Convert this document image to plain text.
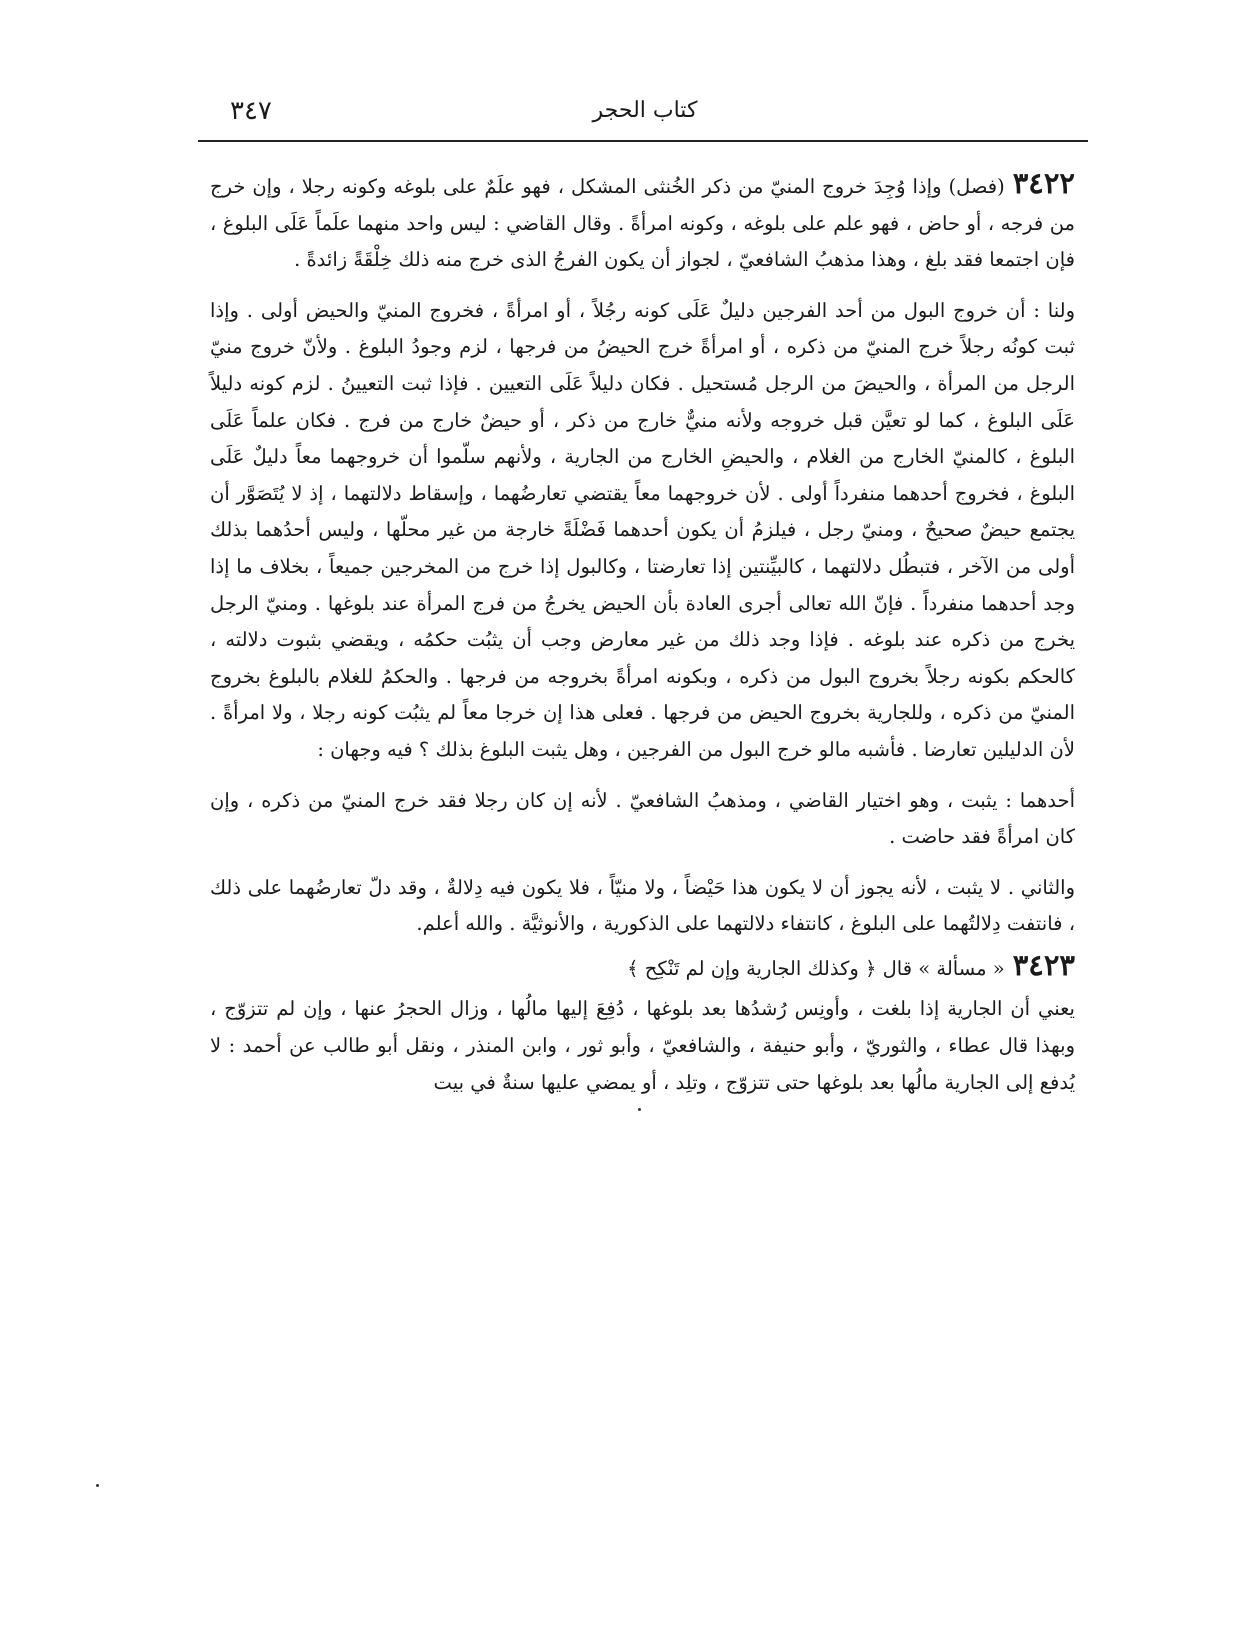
كتاب الحجر
٣٤٧

٣٤٢٢(فصل) وإذا وُجِدَ خروج المنيّ من ذكر الخُنثى المشكل ، فهو علَمٌ على بلوغه وكونه رجلا ، وإن خرج من فرجه ، أو حاض ، فهو علم على بلوغه ، وكونه امرأةً . وقال القاضي : ليس واحد منهما علَماً عَلَى البلوغ ، فإن اجتمعا فقد بلغ ، وهذا مذهبُ الشافعيّ ، لجواز أن يكون الفرجُ الذى خرج منه ذلك خِلْقَةً زائدةً .

ولنا : أن خروج البول من أحد الفرجين دليلٌ عَلَى كونه رجُلاً ، أو امرأةً ، فخروج المنيّ والحيض أولى . وإذا ثبت كونُه رجلاً خرج المنيّ من ذكره ، أو امرأةً خرج الحيضُ من فرجها ، لزم وجودُ البلوغ . ولأنّ خروج منيّ الرجل من المرأة ، والحيضَ من الرجل مُستحيل . فكان دليلاً عَلَى التعيين . فإذا ثبت التعيينُ . لزم كونه دليلاً عَلَى البلوغ ، كما لو تعيَّن قبل خروجه ولأنه منيٌّ خارج من ذكر ، أو حيضٌ خارج من فرج . فكان علماً عَلَى البلوغ ، كالمنيّ الخارج من الغلام ، والحيضِ الخارج من الجارية ، ولأنهم سلّموا أن خروجهما معاً دليلٌ عَلَى البلوغ ، فخروج أحدهما منفرداً أولى . لأن خروجهما معاً يقتضي تعارضُهما ، وإسقاط دلالتهما ، إذ لا يُتَصَوَّر أن يجتمع حيضٌ صحيحٌ ، ومنيّ رجل ، فيلزمُ أن يكون أحدهما فَضْلَةً خارجة من غير محلّها ، وليس أحدُهما بذلك أولى من الآخر ، فتبطُل دلالتهما ، كالبيِّنتين إذا تعارضتا ، وكالبول إذا خرج من المخرجين جميعاً ، بخلاف ما إذا وجد أحدهما منفرداً . فإنّ الله تعالى أجرى العادة بأن الحيض يخرجُ من فرج المرأة عند بلوغها . ومنيّ الرجل يخرج من ذكره عند بلوغه . فإذا وجد ذلك من غير معارض وجب أن يثبُت حكمُه ، ويقضي بثبوت دلالته ، كالحكم بكونه رجلاً بخروج البول من ذكره ، وبكونه امرأةً بخروجه من فرجها . والحكمُ للغلام بالبلوغ بخروج المنيّ من ذكره ، وللجارية بخروج الحيض من فرجها . فعلى هذا إن خرجا معاً لم يثبُت كونه رجلا ، ولا امرأةً . لأن الدليلين تعارضا . فأشبه مالو خرج البول من الفرجين ، وهل يثبت البلوغ بذلك ؟ فيه وجهان :

أحدهما : يثبت ، وهو اختيار القاضي ، ومذهبُ الشافعيّ . لأنه إن كان رجلا فقد خرج المنيّ من ذكره ، وإن كان امرأةً فقد حاضت .

والثاني . لا يثبت ، لأنه يجوز أن لا يكون هذا حَيْضاً ، ولا منيّاً ، فلا يكون فيه دِلالةٌ ، وقد دلّ تعارضُهما على ذلك ، فانتفت دِلالتُهما على البلوغ ، كانتفاء دلالتهما على الذكورية ، والأنوثيَّة . والله أعلم.

٣٤٢٣« مسألة » قال ﴿ وكذلك الجارية وإن لم تَنْكِح ﴾

يعني أن الجارية إذا بلغت ، وأونِس رُشدُها بعد بلوغها ، دُفِعَ إليها مالُها ، وزال الحجرُ عنها ، وإن لم تتزوّج ، وبهذا قال عطاء ، والثوريّ ، وأبو حنيفة ، والشافعيّ ، وأبو ثور ، وابن المنذر ، ونقل أبو طالب عن أحمد : لا يُدفع إلى الجارية مالُها بعد بلوغها حتى تتزوّج ، وتلِد ، أو يمضي عليها سنةٌ في بيت
